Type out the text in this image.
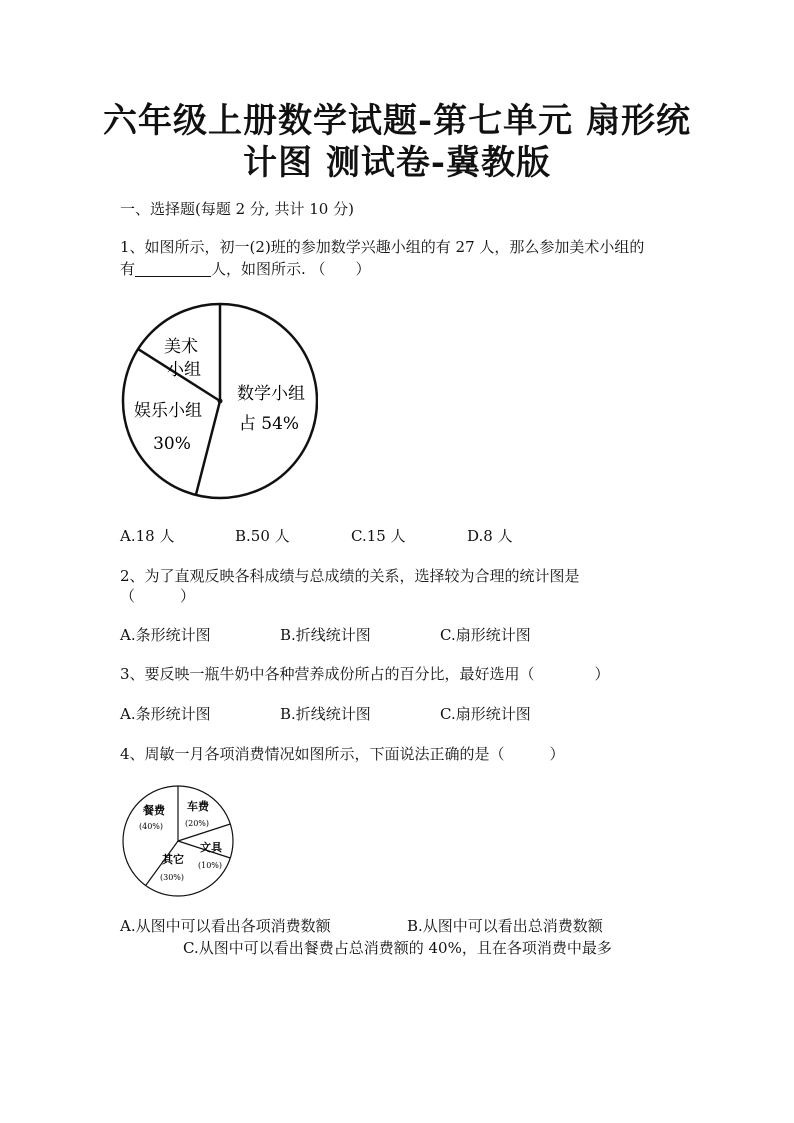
六年级上册数学试题-第七单元 扇形统
计图 测试卷-冀教版
一、选择题(每题 2 分, 共计 10 分)
1、如图所示，初一(2)班的参加数学兴趣小组的有 27 人，那么参加美术小组的
有	人，如图所示. （　　）
美术
小组
娱乐小组
30%
数学小组
占 54%
A.18 人	B.50 人	C.15 人	D.8 人
2、为了直观反映各科成绩与总成绩的关系，选择较为合理的统计图是
（　　　）
A.条形统计图	B.折线统计图	C.扇形统计图
3、要反映一瓶牛奶中各种营养成份所占的百分比，最好选用（　　　　）
A.条形统计图	B.折线统计图	C.扇形统计图
4、周敏一月各项消费情况如图所示，下面说法正确的是（　　　）
餐费
(40%)
车费
(20%)
文具
(10%)
其它
(30%)
A.从图中可以看出各项消费数额	B.从图中可以看出总消费数额
C.从图中可以看出餐费占总消费额的 40%，且在各项消费中最多
